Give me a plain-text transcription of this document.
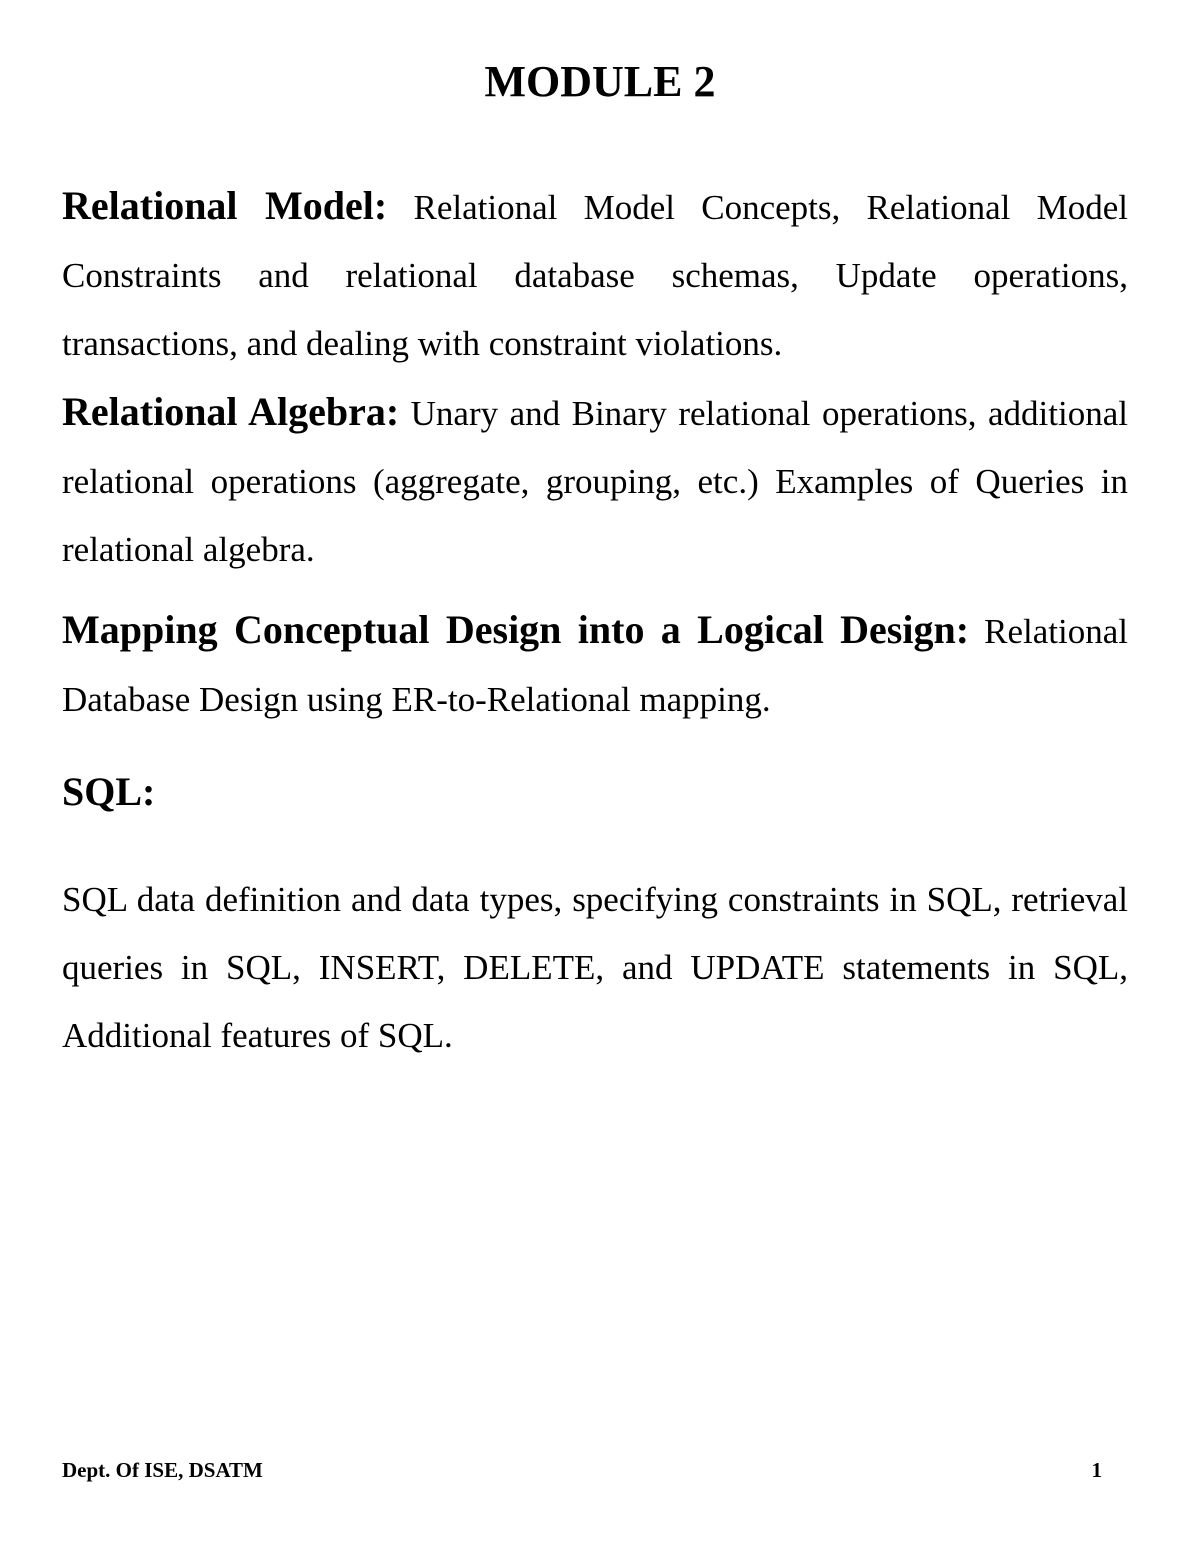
MODULE 2

Relational Model: Relational Model Concepts, Relational Model Constraints and relational database schemas, Update operations, transactions, and dealing with constraint violations.

Relational Algebra: Unary and Binary relational operations, additional relational operations (aggregate, grouping, etc.) Examples of Queries in relational algebra.

Mapping Conceptual Design into a Logical Design: Relational Database Design using ER-to-Relational mapping.

SQL:

SQL data definition and data types, specifying constraints in SQL, retrieval queries in SQL, INSERT, DELETE, and UPDATE statements in SQL, Additional features of SQL.

Dept. Of ISE, DSATM	1
